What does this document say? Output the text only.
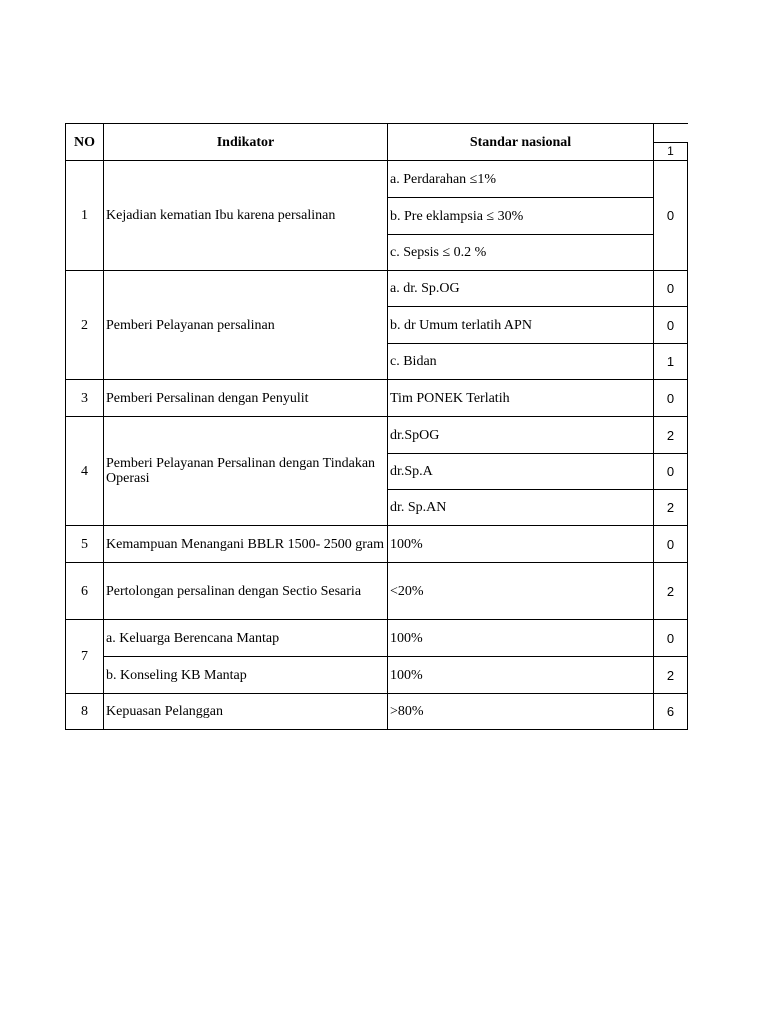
NO	Indikator	Standar nasional	
			1
1	Kejadian kematian Ibu karena persalinan	a. Perdarahan ≤1%	0
		b. Pre eklampsia ≤ 30%	
		c. Sepsis ≤ 0.2 %	
2	Pemberi Pelayanan persalinan	a. dr. Sp.OG	0
		b. dr Umum terlatih APN	0
		c. Bidan	1
3	Pemberi Persalinan dengan Penyulit	Tim PONEK Terlatih	0
4	Pemberi Pelayanan Persalinan dengan Tindakan Operasi	dr.SpOG	2
		dr.Sp.A	0
		dr. Sp.AN	2
5	Kemampuan Menangani BBLR 1500- 2500 gram	100%	0
6	Pertolongan persalinan dengan Sectio Sesaria	<20%	2
7	a. Keluarga Berencana Mantap	100%	0
	b. Konseling KB Mantap	100%	2
8	Kepuasan Pelanggan	>80%	6
